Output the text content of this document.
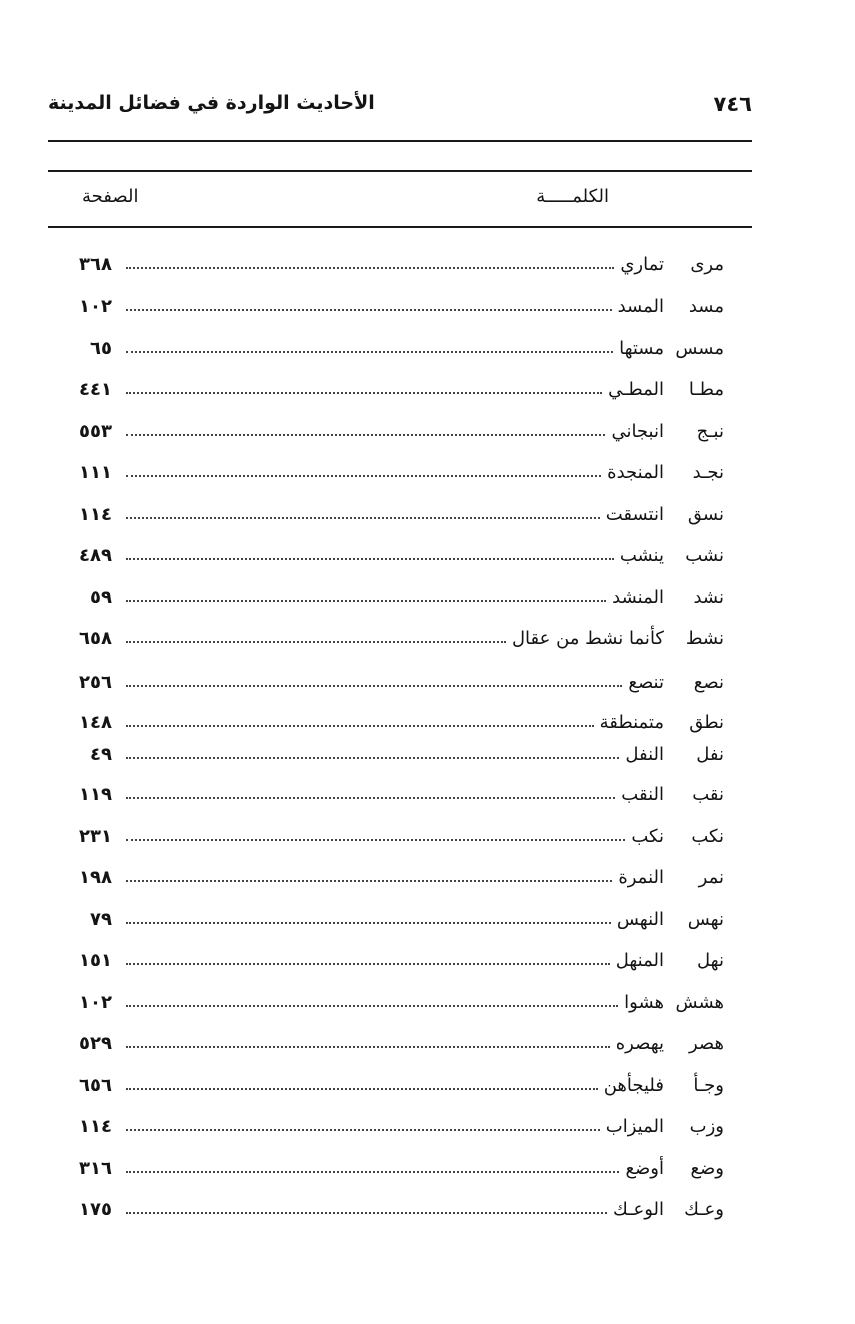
٧٤٦
الأحاديث الواردة في فضائل المدينة
الكلمـــــة
الصفحة
مرى
تماري
٣٦٨
مسد
المسد
١٠٢
مسس
مستها
٦٥
مطـا
المطـي
٤٤١
نبـج
انبجاني
٥٥٣
نجـد
المنجدة
١١١
نسق
انتسقت
١١٤
نشب
ينشب
٤٨٩
نشد
المنشد
٥٩
نشط
كأنما نشط من عقال
٦٥٨
نصع
تنصع
٢٥٦
نطق
متمنطقة
١٤٨
نفل
النفل
٤٩
نقب
النقب
١١٩
نكب
نكب
٢٣١
نمر
النمرة
١٩٨
نهس
النهس
٧٩
نهل
المنهل
١٥١
هشش
هشوا
١٠٢
هصر
يهصره
٥٢٩
وجـأ
فليجأهن
٦٥٦
وزب
الميزاب
١١٤
وضع
أوضع
٣١٦
وعـك
الوعـك
١٧٥
